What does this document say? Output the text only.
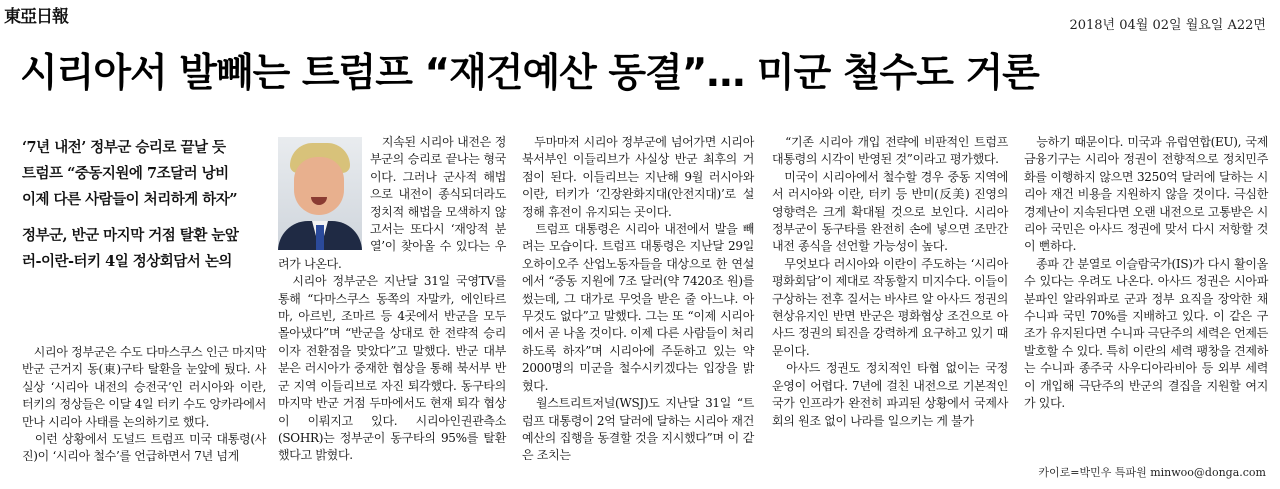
東亞日報	2018년 04월 02일 월요일 A22면
시리아서 발빼는 트럼프 “재건예산 동결”… 미군 철수도 거론
‘7년 내전’ 정부군 승리로 끝날 듯
트럼프 “중동지원에 7조달러 낭비
이제 다른 사람들이 처리하게 하자”
정부군, 반군 마지막 거점 탈환 눈앞
러-이란-터키 4일 정상회담서 논의

　시리아 정부군은 수도 다마스쿠스 인근 마지막 반군 근거지 동(東)구타 탈환을 눈앞에 뒀다. 사실상 ‘시리아 내전의 승전국’인 러시아와 이란, 터키의 정상들은 이달 4일 터키 수도 앙카라에서 만나 시리아 사태를 논의하기로 했다.

　이런 상황에서 도널드 트럼프 미국 대통령(사진)이 ‘시리아 철수’를 언급하면서 7년 넘게

　지속된 시리아 내전은 정부군의 승리로 끝나는 형국이다. 그러나 군사적 해법으로 내전이 종식되더라도 정치적 해법을 모색하지 않고서는 또다시 ‘재앙적 분열’이 찾아올 수 있다는 우려가 나온다.

　시리아 정부군은 지난달 31일 국영TV를 통해 “다마스쿠스 동쪽의 자말카, 에인타르마, 아르빈, 조마르 등 4곳에서 반군을 모두 몰아냈다”며 “반군을 상대로 한 전략적 승리이자 전환점을 맞았다”고 말했다. 반군 대부분은 러시아가 중재한 협상을 통해 북서부 반군 지역 이들리브로 자진 퇴각했다. 동구타의 마지막 반군 거점 두마에서도 현재 퇴각 협상이 이뤄지고 있다. 시리아인권관측소(SOHR)는 정부군이 동구타의 95%를 탈환했다고 밝혔다.

　두마마저 시리아 정부군에 넘어가면 시리아 북서부인 이들리브가 사실상 반군 최후의 거점이 된다. 이들리브는 지난해 9월 러시아와 이란, 터키가 ‘긴장완화지대(안전지대)’로 설정해 휴전이 유지되는 곳이다.

　트럼프 대통령은 시리아 내전에서 발을 빼려는 모습이다. 트럼프 대통령은 지난달 29일 오하이오주 산업노동자들을 대상으로 한 연설에서 “중동 지원에 7조 달러(약 7420조 원)를 썼는데, 그 대가로 무엇을 받은 줄 아느냐. 아무것도 없다”고 말했다. 그는 또 “이제 시리아에서 곧 나올 것이다. 이제 다른 사람들이 처리하도록 하자”며 시리아에 주둔하고 있는 약 2000명의 미군을 철수시키겠다는 입장을 밝혔다.

　월스트리트저널(WSJ)도 지난달 31일 “트럼프 대통령이 2억 달러에 달하는 시리아 재건 예산의 집행을 동결할 것을 지시했다”며 이 같은 조치는

　“기존 시리아 개입 전략에 비판적인 트럼프 대통령의 시각이 반영된 것”이라고 평가했다.

　미국이 시리아에서 철수할 경우 중동 지역에서 러시아와 이란, 터키 등 반미(反美) 진영의 영향력은 크게 확대될 것으로 보인다. 시리아 정부군이 동구타를 완전히 손에 넣으면 조만간 내전 종식을 선언할 가능성이 높다.

　무엇보다 러시아와 이란이 주도하는 ‘시리아 평화회담’이 제대로 작동할지 미지수다. 이들이 구상하는 전후 질서는 바샤르 알 아사드 정권의 현상유지인 반면 반군은 평화협상 조건으로 아사드 정권의 퇴진을 강력하게 요구하고 있기 때문이다.

　아사드 정권도 정치적인 타협 없이는 국정 운영이 어렵다. 7년에 걸친 내전으로 기본적인 국가 인프라가 완전히 파괴된 상황에서 국제사회의 원조 없이 나라를 일으키는 게 불가

　능하기 때문이다. 미국과 유럽연합(EU), 국제금융기구는 시리아 정권이 전향적으로 정치민주화를 이행하지 않으면 3250억 달러에 달하는 시리아 재건 비용을 지원하지 않을 것이다. 극심한 경제난이 지속된다면 오랜 내전으로 고통받은 시리아 국민은 아사드 정권에 맞서 다시 저항할 것이 뻔하다.

　종파 간 분열로 이슬람국가(IS)가 다시 활이올 수 있다는 우려도 나온다. 아사드 정권은 시아파 분파인 알라위파로 군과 정부 요직을 장악한 채 수니파 국민 70%를 지배하고 있다. 이 같은 구조가 유지된다면 수니파 극단주의 세력은 언제든 발호할 수 있다. 특히 이란의 세력 팽창을 견제하는 수니파 종주국 사우디아라비아 등 외부 세력이 개입해 극단주의 반군의 결집을 지원할 여지가 있다.

카이로=박민우 특파원 minwoo@donga.com
